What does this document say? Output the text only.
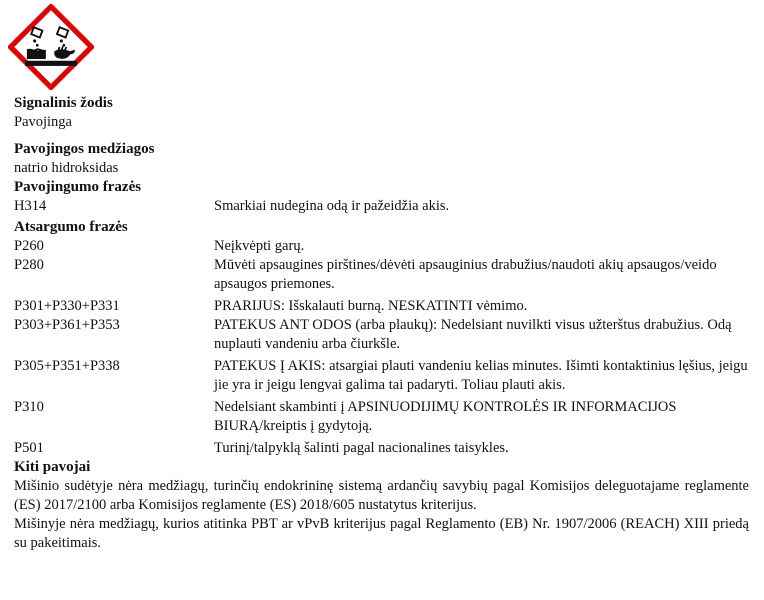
Signalinis žodis
Pavojinga
Pavojingos medžiagos
natrio hidroksidas
Pavojingumo frazės
H314	Smarkiai nudegina odą ir pažeidžia akis.
Atsargumo frazės
P260	Neįkvėpti garų.
P280	Mūvėti apsaugines pirštines/dėvėti apsauginius drabužius/naudoti akių apsaugos/veido apsaugos priemones.
P301+P330+P331	PRARIJUS: Išskalauti burną. NESKATINTI vėmimo.
P303+P361+P353	PATEKUS ANT ODOS (arba plaukų): Nedelsiant nuvilkti visus užterštus drabužius. Odą nuplauti vandeniu arba čiurkšle.
P305+P351+P338	PATEKUS Į AKIS: atsargiai plauti vandeniu kelias minutes. Išimti kontaktinius lęšius, jeigu jie yra ir jeigu lengvai galima tai padaryti. Toliau plauti akis.
P310	Nedelsiant skambinti į APSINUODIJIMŲ KONTROLĖS IR INFORMACIJOS BIURĄ/kreiptis į gydytoją.
P501	Turinį/talpyklą šalinti pagal nacionalines taisykles.
Kiti pavojai
Mišinio sudėtyje nėra medžiagų, turinčių endokrininę sistemą ardančių savybių pagal Komisijos deleguotajame reglamente (ES) 2017/2100 arba Komisijos reglamente (ES) 2018/605 nustatytus kriterijus.
Mišinyje nėra medžiagų, kurios atitinka PBT ar vPvB kriterijus pagal Reglamento (EB) Nr. 1907/2006 (REACH) XIII priedą su pakeitimais.
